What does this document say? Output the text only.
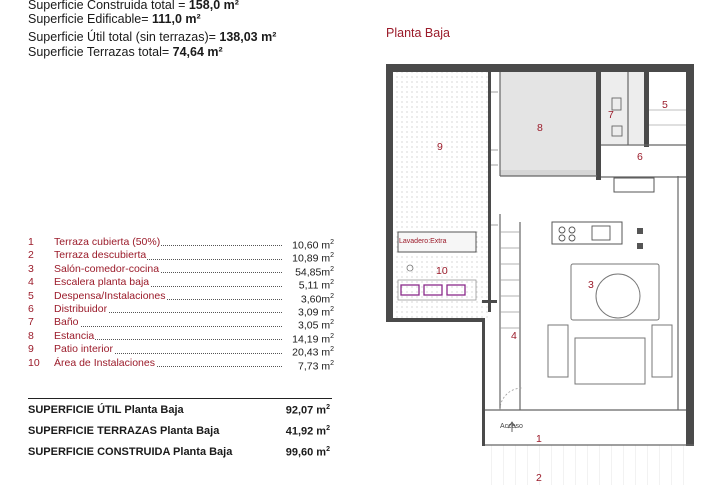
Superficie Construida total = 158,0 m²
Superficie Edificable= 111,0 m²
Superficie Útil total (sin terrazas)= 138,03 m²
Superficie Terrazas total= 74,64 m²
Planta Baja
1 Terraza cubierta (50%)	10,60 $m^2$
2 Terraza descubierta	10,89 $m^2$
3 Salón-comedor-cocina	$54,85m^2$
4 Escalera planta baja	5,11 $m^2$
5 Despensa/Instalaciones	$3,60m^2$
6 Distribuidor	3,09 $m^2$
7 Baño	3,05 $m^2$
8 Estancia	14,19 $m^2$
9 Patio interior	20,43 $m^2$
10 Área de Instalaciones	7,73 $m^2$
SUPERFICIE ÚTIL Planta Baja	92,07 $m^2$
SUPERFICIE TERRAZAS Planta Baja	41,92 $m^2$
SUPERFICIE CONSTRUIDA Planta Baja	99,60 $m^2$
9
8
7
5
6
3
4
10
1
2
Lavadero:Extra
Acceso
